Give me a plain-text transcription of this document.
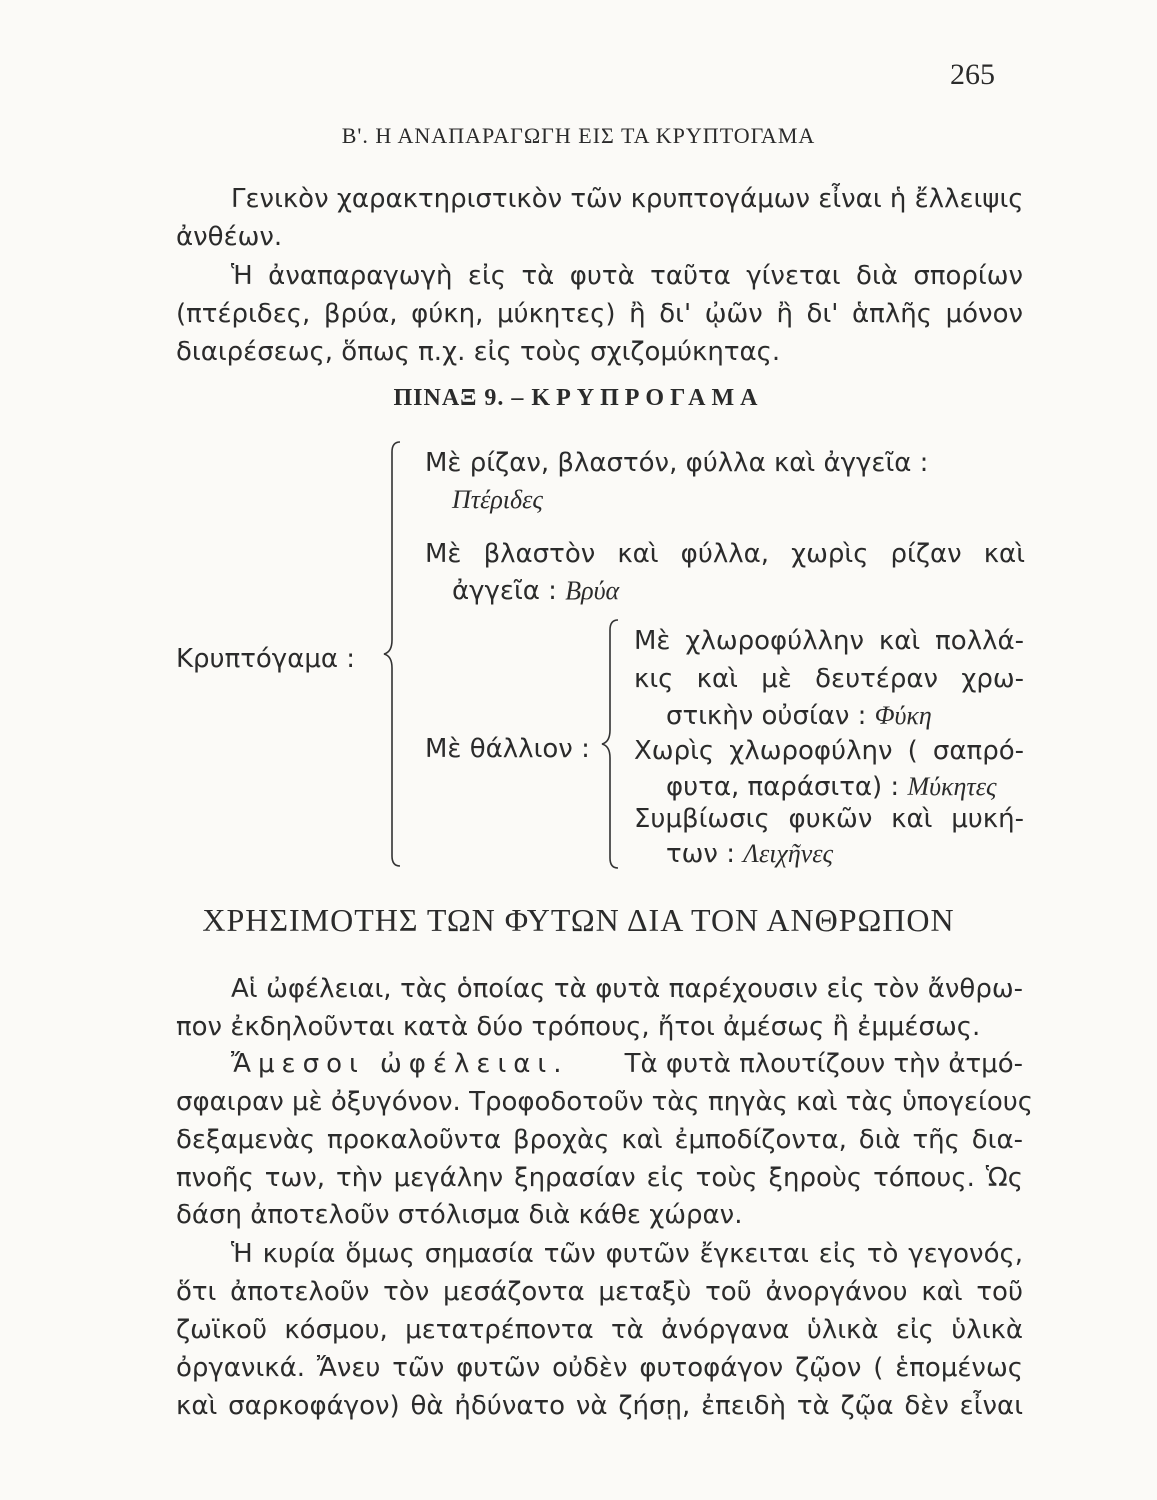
265
Β'. Η ΑΝΑΠΑΡΑΓΩΓΗ ΕΙΣ ΤΑ ΚΡΥΠΤΟΓΑΜΑ
Γενικὸν χαρακτηριστικὸν τῶν κρυπτογάμων εἶναι ἡ ἔλλειψις
ἀνθέων.
Ἡ ἀναπαραγωγὴ εἰς τὰ φυτὰ ταῦτα γίνεται διὰ σπορίων
(πτέριδες, βρύα, φύκη, μύκητες) ἢ δι' ᾠῶν ἢ δι' ἁπλῆς μόνον
διαιρέσεως, ὅπως π.χ. εἰς τοὺς σχιζομύκητας.
ΠΙΝΑΞ 9. – ΚΡΥΠΡΟΓΑΜΑ
Κρυπτόγαμα :
Μὲ ρίζαν, βλαστόν, φύλλα καὶ ἀγγεῖα :
Πτέριδες
Μὲ βλαστὸν καὶ φύλλα, χωρὶς ρίζαν καὶ
ἀγγεῖα : Βρύα
Μὲ θάλλιον :
Μὲ χλωροφύλλην καὶ πολλά-
κις καὶ μὲ δευτέραν χρω-
στικὴν οὐσίαν : Φύκη
Χωρὶς χλωροφύλην ( σαπρό-
φυτα, παράσιτα) : Μύκητες
Συμβίωσις φυκῶν καὶ μυκή-
των : Λειχῆνες
ΧΡΗΣΙΜΟΤΗΣ ΤΩΝ ΦΥΤΩΝ ΔΙΑ ΤΟΝ ΑΝΘΡΩΠΟΝ
Αἱ ὠφέλειαι, τὰς ὁποίας τὰ φυτὰ παρέχουσιν εἰς τὸν ἄνθρω-
πον ἐκδηλοῦνται κατὰ δύο τρόπους, ἤτοι ἀμέσως ἢ ἐμμέσως.
Ἄμεσοι ὠφέλειαι. Τὰ φυτὰ πλουτίζουν τὴν ἀτμό-
σφαιραν μὲ ὀξυγόνον. Τροφοδοτοῦν τὰς πηγὰς καὶ τὰς ὑπογείους
δεξαμενὰς προκαλοῦντα βροχὰς καὶ ἐμποδίζοντα, διὰ τῆς δια-
πνοῆς των, τὴν μεγάλην ξηρασίαν εἰς τοὺς ξηροὺς τόπους. Ὡς
δάση ἀποτελοῦν στόλισμα διὰ κάθε χώραν.
Ἡ κυρία ὅμως σημασία τῶν φυτῶν ἔγκειται εἰς τὸ γεγονός,
ὅτι ἀποτελοῦν τὸν μεσάζοντα μεταξὺ τοῦ ἀνοργάνου καὶ τοῦ
ζωϊκοῦ κόσμου, μετατρέποντα τὰ ἀνόργανα ὑλικὰ εἰς ὑλικὰ
ὀργανικά. Ἄνευ τῶν φυτῶν οὐδὲν φυτοφάγον ζῷον ( ἑπομένως
καὶ σαρκοφάγον) θὰ ἠδύνατο νὰ ζήσῃ, ἐπειδὴ τὰ ζῷα δὲν εἶναι
